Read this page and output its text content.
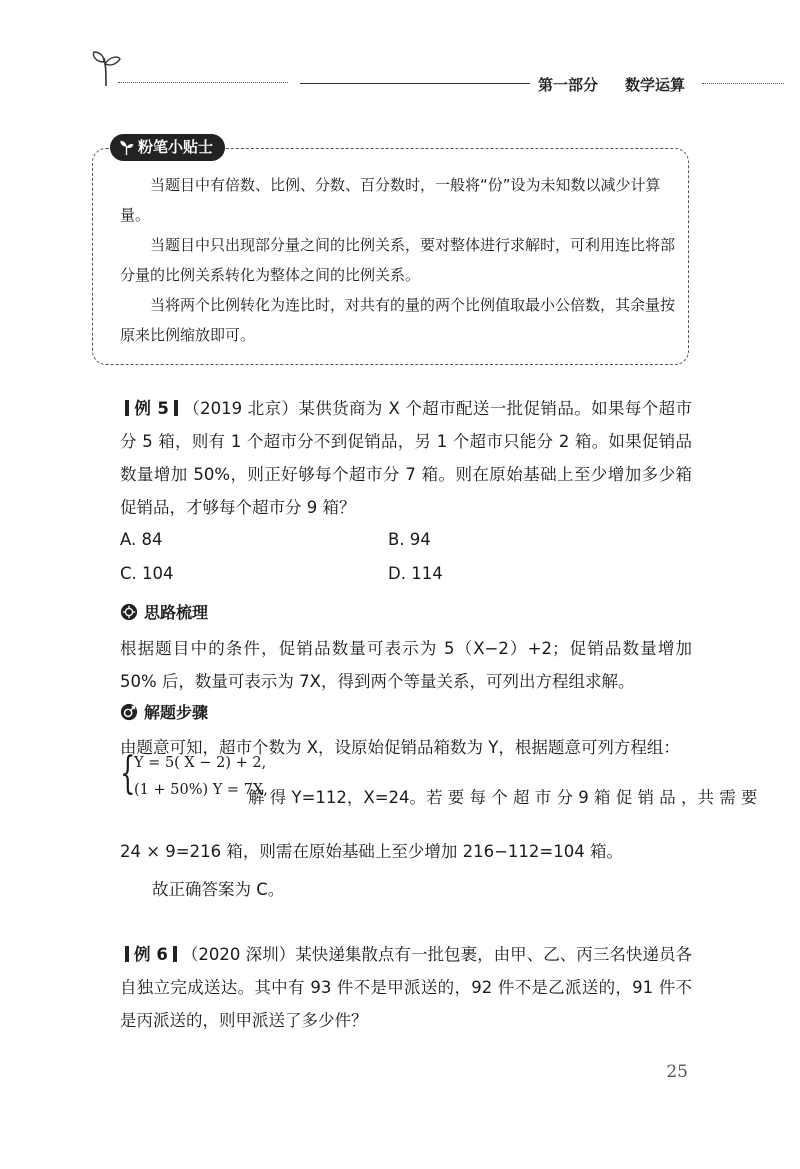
第一部分 数学运算
粉笔小贴士
当题目中有倍数、比例、分数、百分数时，一般将“份”设为未知数以减少计算量。
当题目中只出现部分量之间的比例关系，要对整体进行求解时，可利用连比将部分量的比例关系转化为整体之间的比例关系。
当将两个比例转化为连比时，对共有的量的两个比例值取最小公倍数，其余量按原来比例缩放即可。
例 5 （2019 北京）某供货商为 X 个超市配送一批促销品。如果每个超市分 5 箱，则有 1 个超市分不到促销品，另 1 个超市只能分 2 箱。如果促销品数量增加 50%，则正好够每个超市分 7 箱。则在原始基础上至少增加多少箱促销品，才够每个超市分 9 箱？
A. 84	B. 94
C. 104	D. 114
思路梳理
根据题目中的条件，促销品数量可表示为 5（X−2）+2；促销品数量增加 50% 后，数量可表示为 7X，得到两个等量关系，可列出方程组求解。
解题步骤
由题意可知，超市个数为 X，设原始促销品箱数为 Y，根据题意可列方程组：
{
Y = 5( X − 2) + 2,
(1 + 50%) Y = 7X,
解 得 Y=112，X=24。若 要 每 个 超 市 分 9 箱 促 销 品 ，共 需 要
24 × 9=216 箱，则需在原始基础上至少增加 216−112=104 箱。
故正确答案为 C。
例 6 （2020 深圳）某快递集散点有一批包裹，由甲、乙、丙三名快递员各自独立完成送达。其中有 93 件不是甲派送的，92 件不是乙派送的，91 件不是丙派送的，则甲派送了多少件？
25
